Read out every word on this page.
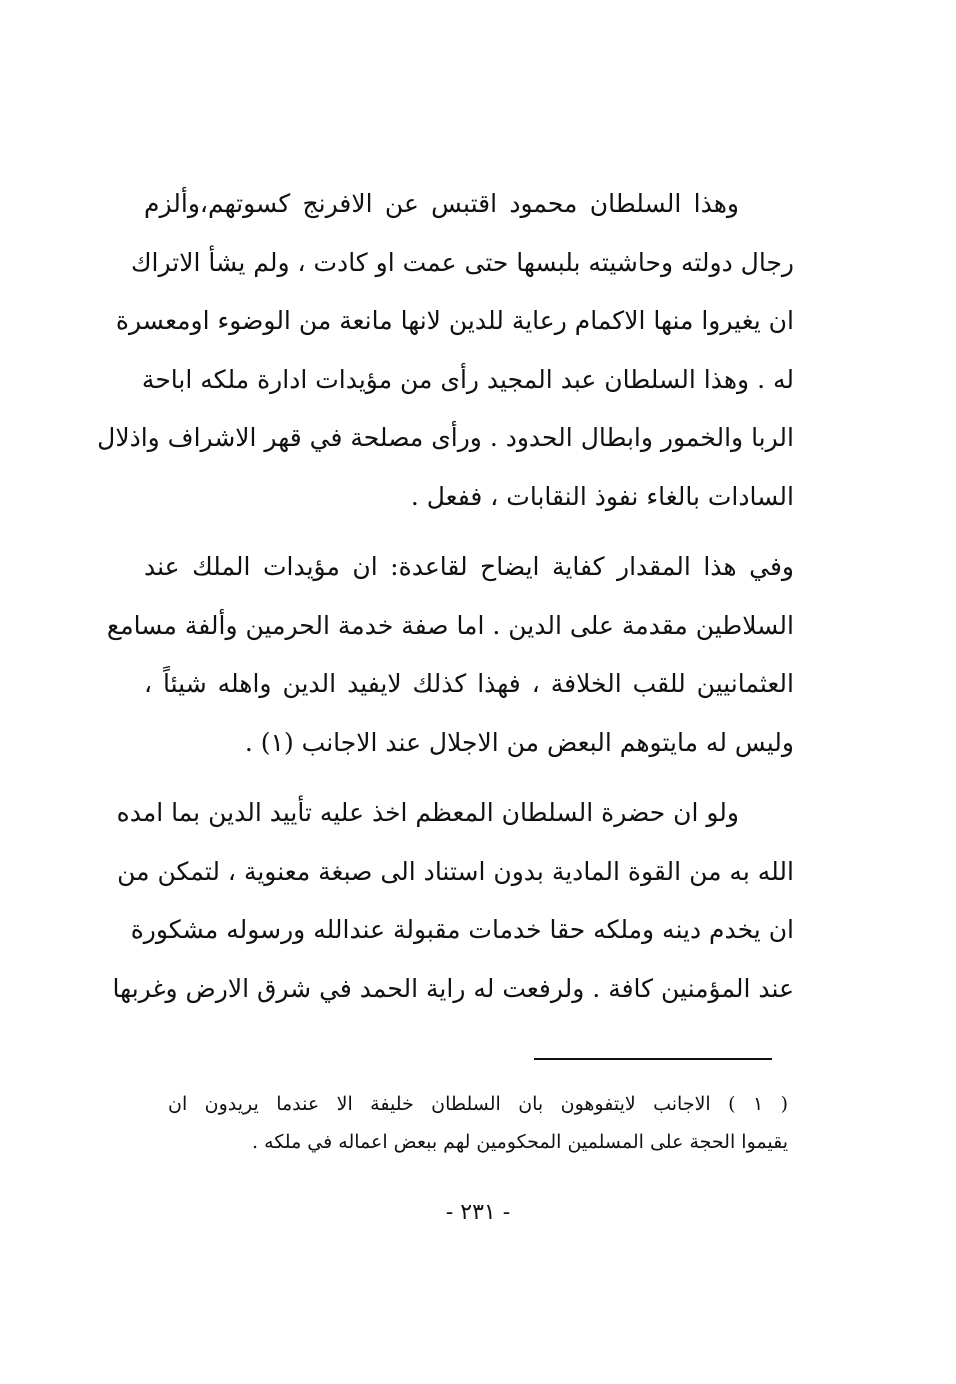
وهذا السلطان محمود اقتبس عن الافرنج كسوتهم،وألزم
رجال دولته وحاشيته بلبسها حتى عمت او كادت ، ولم يشأ الاتراك
ان يغيروا منها الاكمام رعاية للدين لانها مانعة من الوضوء اومعسرة
له . وهذا السلطان عبد المجيد رأى من مؤيدات ادارة ملكه اباحة
الربا والخمور وابطال الحدود . ورأى مصلحة في قهر الاشراف واذلال
السادات بالغاء نفوذ النقابات ، ففعل .
وفي هذا المقدار كفاية ايضاح لقاعدة: ان مؤيدات الملك عند
السلاطين مقدمة على الدين . اما صفة خدمة الحرمين وألفة مسامع
العثمانيين للقب الخلافة ، فهذا كذلك لايفيد الدين واهله شيئاً ،
وليس له مايتوهم البعض من الاجلال عند الاجانب (١) .
ولو ان حضرة السلطان المعظم اخذ عليه تأييد الدين بما امده
الله به من القوة المادية بدون استناد الى صبغة معنوية ، لتمكن من
ان يخدم دينه وملكه حقا خدمات مقبولة عندالله ورسوله مشكورة
عند المؤمنين كافة . ولرفعت له راية الحمد في شرق الارض وغربها
( ١ ) الاجانب لايتفوهون بان السلطان خليفة الا عندما يريدون ان
يقيموا الحجة على المسلمين المحكومين لهم ببعض اعماله في ملكه .
- ٢٣١ -
